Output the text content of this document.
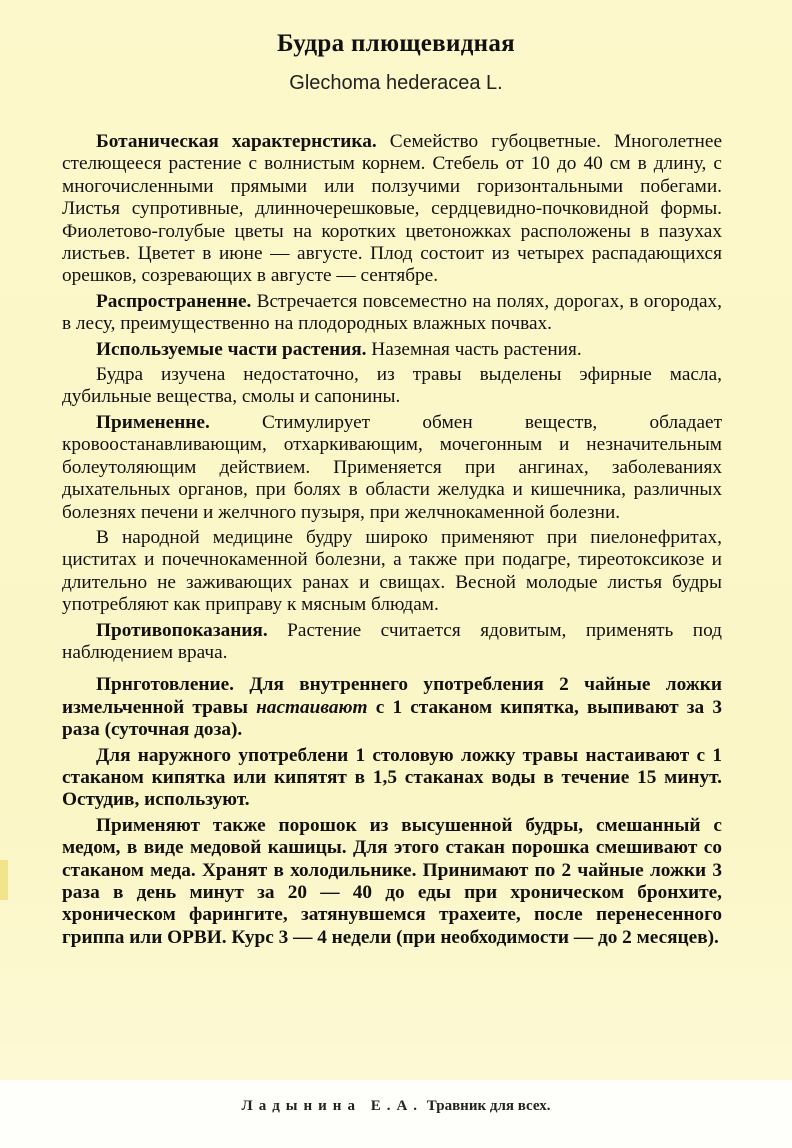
Будра плющевидная
Glechoma hederacea L.

Ботаническая характернстика. Семейство губоцветные. Многолетнее стелющееся растение с волнистым корнем. Стебель от 10 до 40 см в длину, с многочисленными прямыми или ползучими горизонтальными побегами. Листья супротивные, длинночерешковые, сердцевидно-почковидной формы. Фиолетово-голубые цветы на коротких цветоножках расположены в пазухах листьев. Цветет в июне — августе. Плод состоит из четырех распадающихся орешков, созревающих в августе — сентябре.

Распространенне. Встречается повсеместно на полях, дорогах, в огородах, в лесу, преимущественно на плодородных влажных почвах.

Используемые части растения. Наземная часть растения.

Будра изучена недостаточно, из травы выделены эфирные масла, дубильные вещества, смолы и сапонины.

Примененне. Стимулирует обмен веществ, обладает кровоостанавливающим, отхаркивающим, мочегонным и незначительным болеутоляющим действием. Применяется при ангинах, заболеваниях дыхательных органов, при болях в области желудка и кишечника, различных болезнях печени и желчного пузыря, при желчнокаменной болезни.

В народной медицине будру широко применяют при пиелонефритах, циститах и почечнокаменной болезни, а также при подагре, тиреотоксикозе и длительно не заживающих ранах и свищах. Весной молодые листья будры употребляют как приправу к мясным блюдам.

Противопоказания. Растение считается ядовитым, применять под наблюдением врача.

Прнготовление. Для внутреннего употребления 2 чайные ложки измельченной травы настаивают с 1 стаканом кипятка, выпивают за 3 раза (суточная доза).

Для наружного употреблени 1 столовую ложку травы настаивают с 1 стаканом кипятка или кипятят в 1,5 стаканах воды в течение 15 минут. Остудив, используют.

Применяют также порошок из высушенной будры, смешанный с медом, в виде медовой кашицы. Для этого стакан порошка смешивают со стаканом меда. Хранят в холодильнике. Принимают по 2 чайные ложки 3 раза в день минут за 20 — 40 до еды при хроническом бронхите, хроническом фарингите, затянувшемся трахеите, после перенесенного гриппа или ОРВИ. Курс 3 — 4 недели (при необходимости — до 2 месяцев).

Ладынина Е.А. Травник для всех.
